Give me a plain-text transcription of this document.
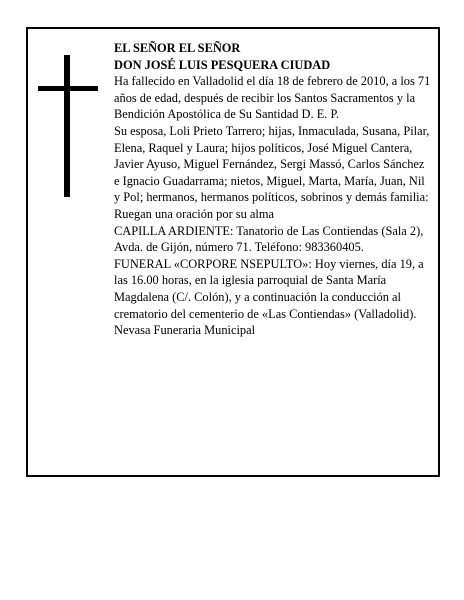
EL SEÑOR EL SEÑOR

DON JOSÉ LUIS PESQUERA CIUDAD

Ha fallecido en Valladolid el día 18 de febrero de 2010, a los 71 años de edad, después de recibir los Santos Sacramentos y la Bendición Apostólica de Su Santidad D. E. P.

Su esposa, Loli Prieto Tarrero; hijas, Inmaculada, Susana, Pilar, Elena, Raquel y Laura; hijos políticos, José Miguel Cantera, Javier Ayuso, Miguel Fernández, Sergi Massó, Carlos Sánchez e Ignacio Guadarrama; nietos, Miguel, Marta, María, Juan, Nil y Pol; hermanos, hermanos políticos, sobrinos y demás familia:

Ruegan una oración por su alma

CAPILLA ARDIENTE: Tanatorio de Las Contiendas (Sala 2), Avda. de Gijón, número 71. Teléfono: 983360405.

FUNERAL «CORPORE NSEPULTO»: Hoy viernes, día 19, a las 16.00 horas, en la iglesia parroquial de Santa María Magdalena (C/. Colón), y a continuación la conducción al crematorio del cementerio de «Las Contiendas» (Valladolid).

Nevasa Funeraria Municipal
